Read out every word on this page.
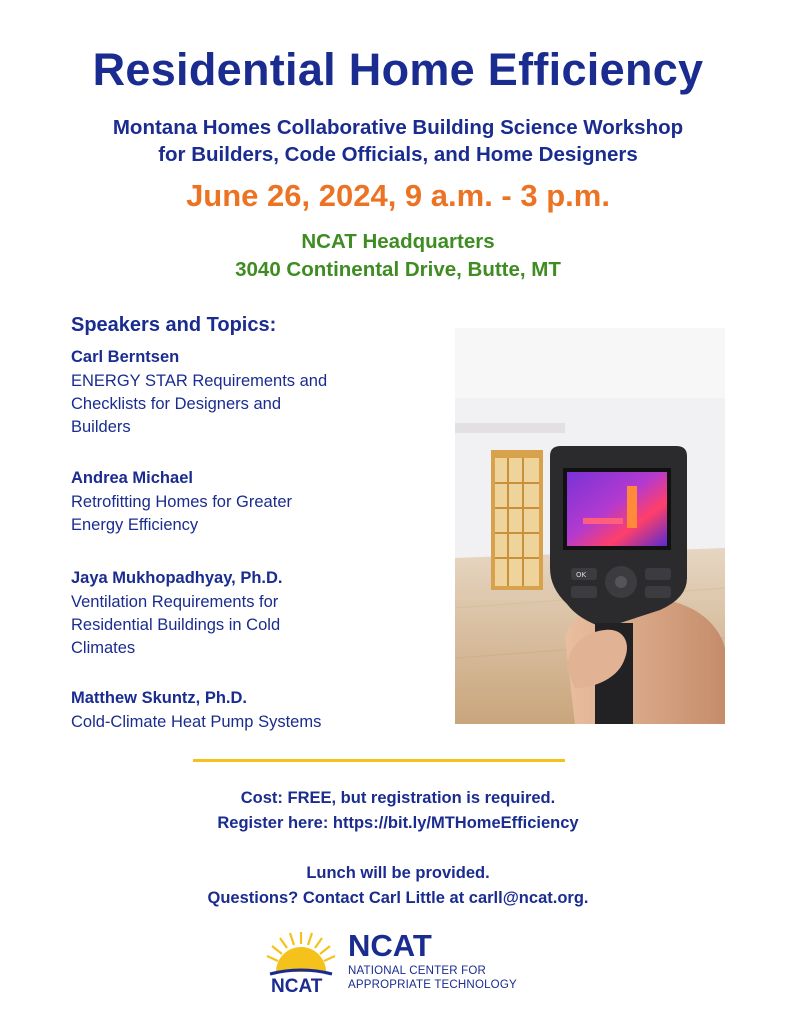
Residential Home Efficiency
Montana Homes Collaborative Building Science Workshop
for Builders, Code Officials, and Home Designers
June 26, 2024, 9 a.m. - 3 p.m.
NCAT Headquarters
3040 Continental Drive, Butte, MT
Speakers and Topics:
Carl Berntsen
ENERGY STAR Requirements and
Checklists for Designers and
Builders
Andrea Michael
Retrofitting Homes for Greater
Energy Efficiency
Jaya Mukhopadhyay, Ph.D.
Ventilation Requirements for
Residential Buildings in Cold
Climates
Matthew Skuntz, Ph.D.
Cold-Climate Heat Pump Systems
OK
Cost: FREE, but registration is required.
Register here: https://bit.ly/MTHomeEfficiency
Lunch will be provided.
Questions? Contact Carl Little at carll@ncat.org.
NCAT
NCAT
NATIONAL CENTER FOR
APPROPRIATE TECHNOLOGY
